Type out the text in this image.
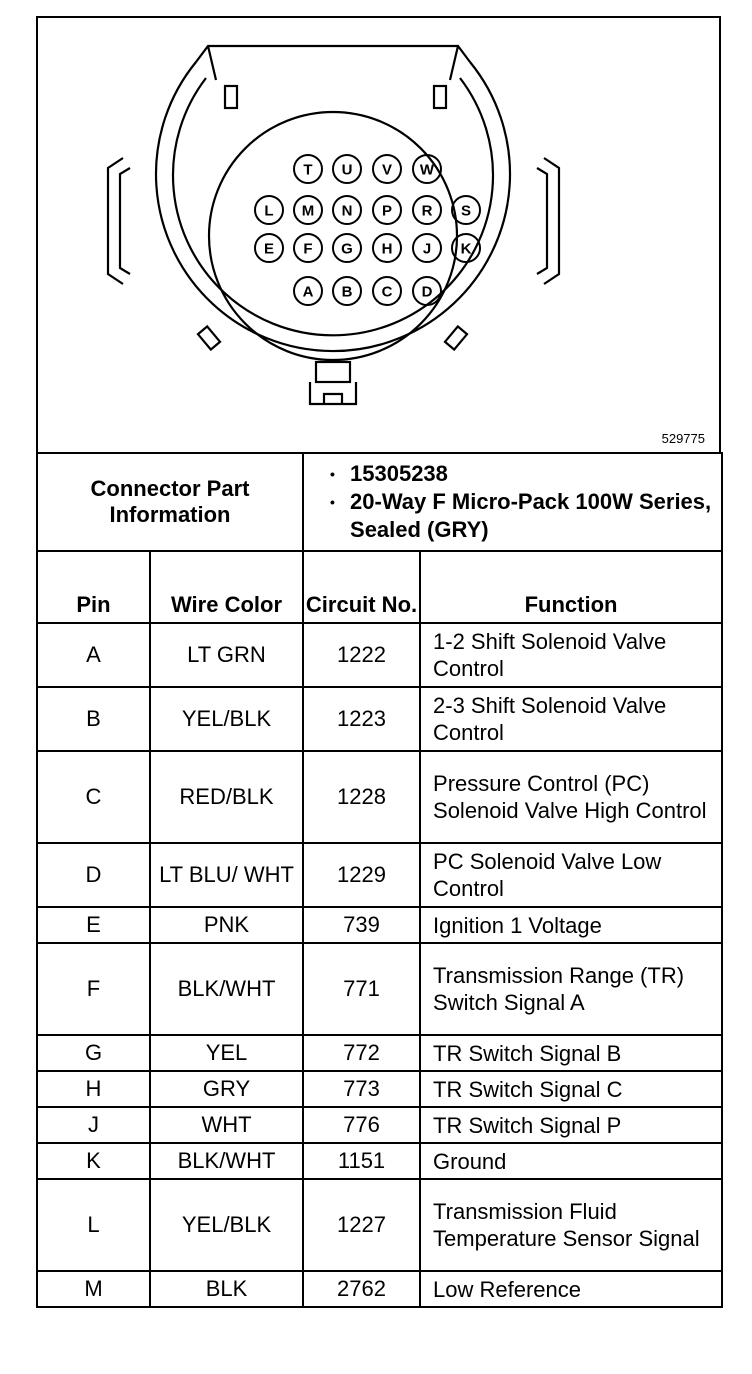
T U V W
L M N P R S
E F G H J K
A B C D
529775
Connector Part Information		• 15305238
• 20-Way F Micro-Pack 100W Series, Sealed (GRY)

Pin	Wire Color	Circuit No.	Function
A	LT GRN	1222	1-2 Shift Solenoid Valve Control
B	YEL/BLK	1223	2-3 Shift Solenoid Valve Control
C	RED/BLK	1228	Pressure Control (PC) Solenoid Valve High Control
D	LT BLU/ WHT	1229	PC Solenoid Valve Low Control
E	PNK	739	Ignition 1 Voltage
F	BLK/WHT	771	Transmission Range (TR) Switch Signal A
G	YEL	772	TR Switch Signal B
H	GRY	773	TR Switch Signal C
J	WHT	776	TR Switch Signal P
K	BLK/WHT	1151	Ground
L	YEL/BLK	1227	Transmission Fluid Temperature Sensor Signal
M	BLK	2762	Low Reference
